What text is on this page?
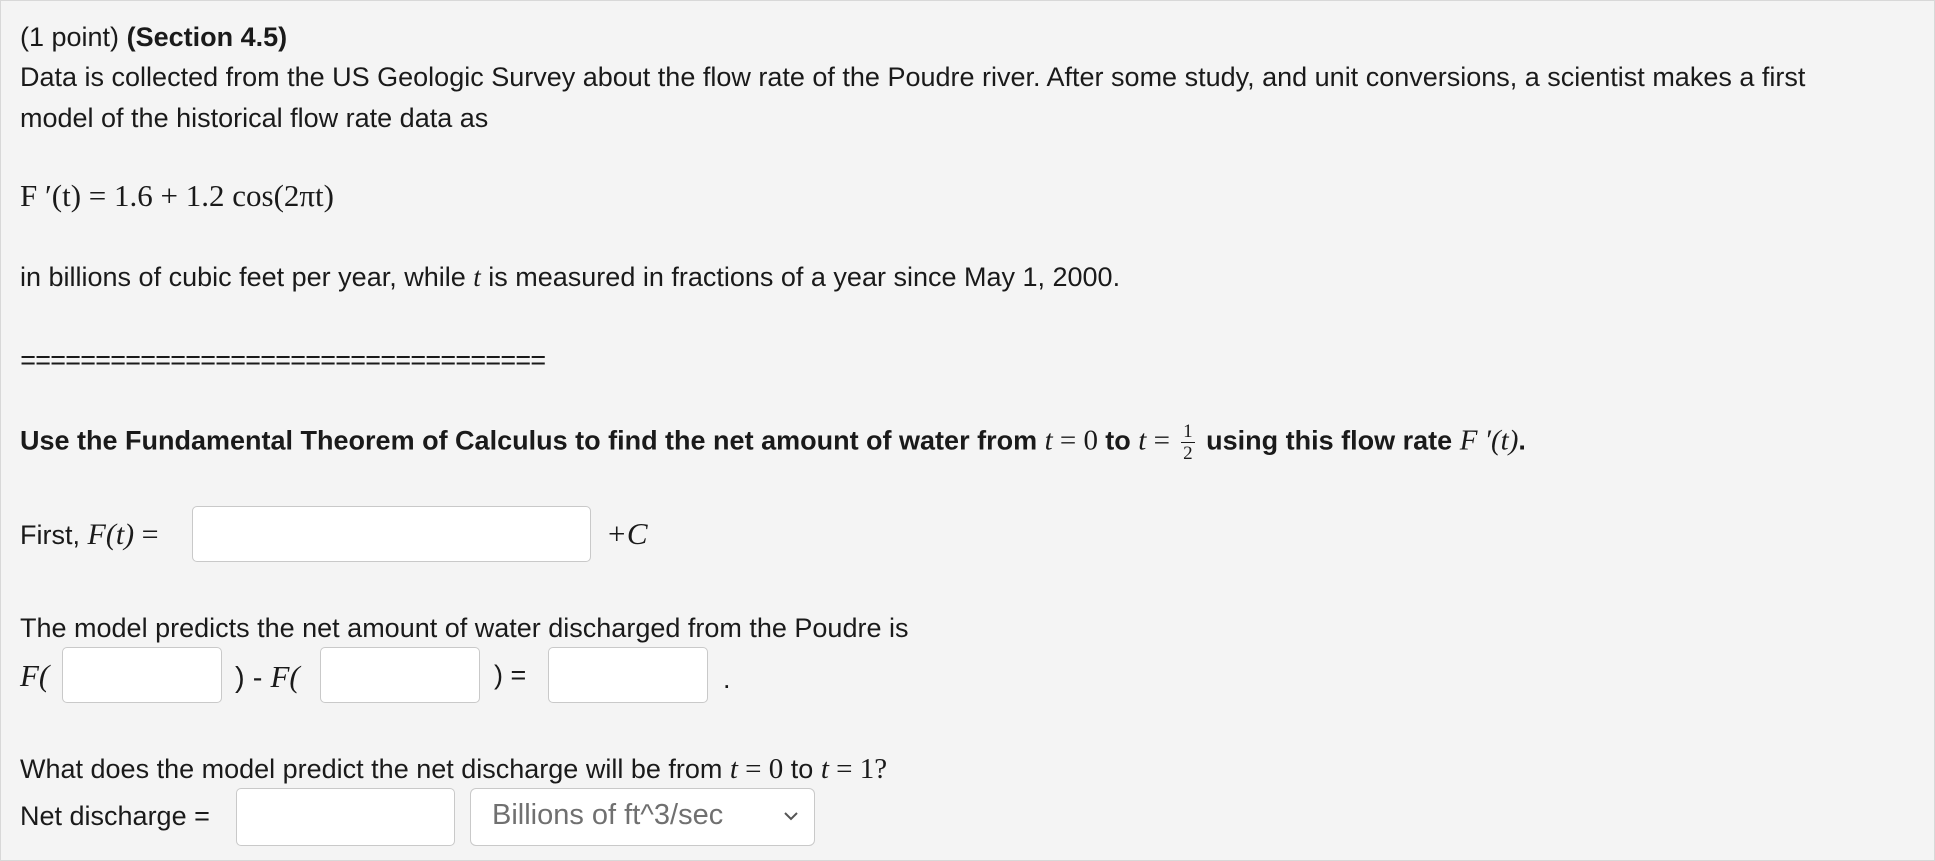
(1 point) (Section 4.5)
Data is collected from the US Geologic Survey about the flow rate of the Poudre river. After some study, and unit conversions, a scientist makes a first
model of the historical flow rate data as
F ′(t) = 1.6 + 1.2 cos(2πt)
in billions of cubic feet per year, while t is measured in fractions of a year since May 1, 2000.
===================================
Use the Fundamental Theorem of Calculus to find the net amount of water from t = 0 to $t = \frac{1}{2}$ using this flow rate F ′(t).
First, F(t) =	+C
The model predicts the net amount of water discharged from the Poudre is
F(	) - F(	) =	.
What does the model predict the net discharge will be from t = 0 to t = 1?
Net discharge =	Billions of ft^3/sec
